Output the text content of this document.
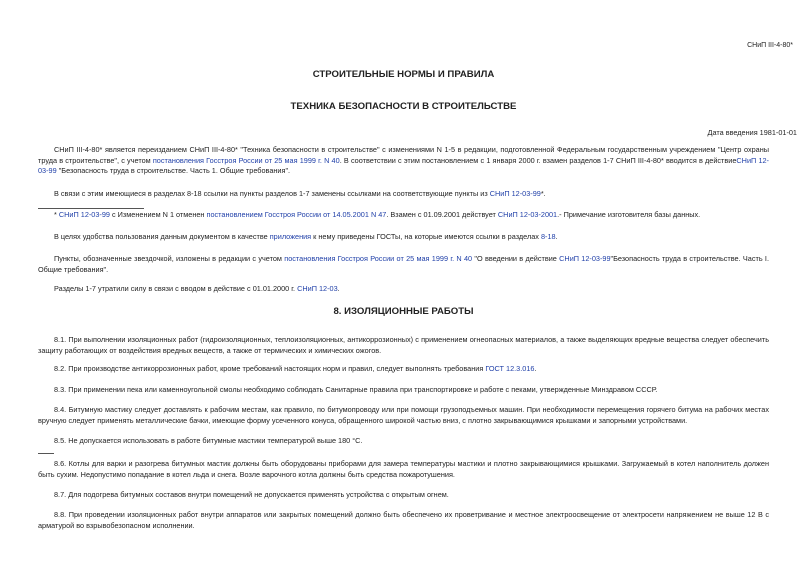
СНиП III-4-80*
СТРОИТЕЛЬНЫЕ НОРМЫ И ПРАВИЛА
ТЕХНИКА БЕЗОПАСНОСТИ В СТРОИТЕЛЬСТВЕ
Дата введения 1981-01-01
СНиП III-4-80* является переизданием СНиП III-4-80* "Техника безопасности в строительстве" с изменениями N 1-5 в редакции, подготовленной Федеральным государственным учреждением "Центр охраны труда в строительстве", с учетом постановления Госстроя России от 25 мая 1999 г. N 40. В соответствии с этим постановлением с 1 января 2000 г. взамен разделов 1-7 СНиП III-4-80* вводится в действиеСНиП 12-03-99 "Безопасность труда в строительстве. Часть 1. Общие требования".
В связи с этим имеющиеся в разделах 8-18 ссылки на пункты разделов 1-7 заменены ссылками на соответствующие пункты из СНиП 12-03-99*.
* СНиП 12-03-99 с Изменением N 1 отменен постановлением Госстроя России от 14.05.2001 N 47. Взамен с 01.09.2001 действует СНиП 12-03-2001.- Примечание изготовителя базы данных.
В целях удобства пользования данным документом в качестве приложения к нему приведены ГОСТы, на которые имеются ссылки в разделах 8-18.
Пункты, обозначенные звездочкой, изложены в редакции с учетом постановления Госстроя России от 25 мая 1999 г. N 40 "О введении в действие СНиП 12-03-99"Безопасность труда в строительстве. Часть I. Общие требования".
Разделы 1-7 утратили силу в связи с вводом в действие с 01.01.2000 г. СНиП 12-03.
8. ИЗОЛЯЦИОННЫЕ РАБОТЫ
8.1. При выполнении изоляционных работ (гидроизоляционных, теплоизоляционных, антикоррозионных) с применением огнеопасных материалов, а также выделяющих вредные вещества следует обеспечить защиту работающих от воздействия вредных веществ, а также от термических и химических ожогов.
8.2. При производстве антикоррозионных работ, кроме требований настоящих норм и правил, следует выполнять требования ГОСТ 12.3.016.
8.3. При применении пека или каменноугольной смолы необходимо соблюдать Санитарные правила при транспортировке и работе с пеками, утвержденные Минздравом СССР.
8.4. Битумную мастику следует доставлять к рабочим местам, как правило, по битумопроводу или при помощи грузоподъемных машин. При необходимости перемещения горячего битума на рабочих местах вручную следует применять металлические бачки, имеющие форму усеченного конуса, обращенного широкой частью вниз, с плотно закрывающимися крышками и запорными устройствами.
8.5. Не допускается использовать в работе битумные мастики температурой выше 180 °С.
8.6. Котлы для варки и разогрева битумных мастик должны быть оборудованы приборами для замера температуры мастики и плотно закрывающимися крышками. Загружаемый в котел наполнитель должен быть сухим. Недопустимо попадание в котел льда и снега. Возле варочного котла должны быть средства пожаротушения.
8.7. Для подогрева битумных составов внутри помещений не допускается применять устройства с открытым огнем.
8.8. При проведении изоляционных работ внутри аппаратов или закрытых помещений должно быть обеспечено их проветривание и местное электроосвещение от электросети напряжением не выше 12 В с арматурой во взрывобезопасном исполнении.
